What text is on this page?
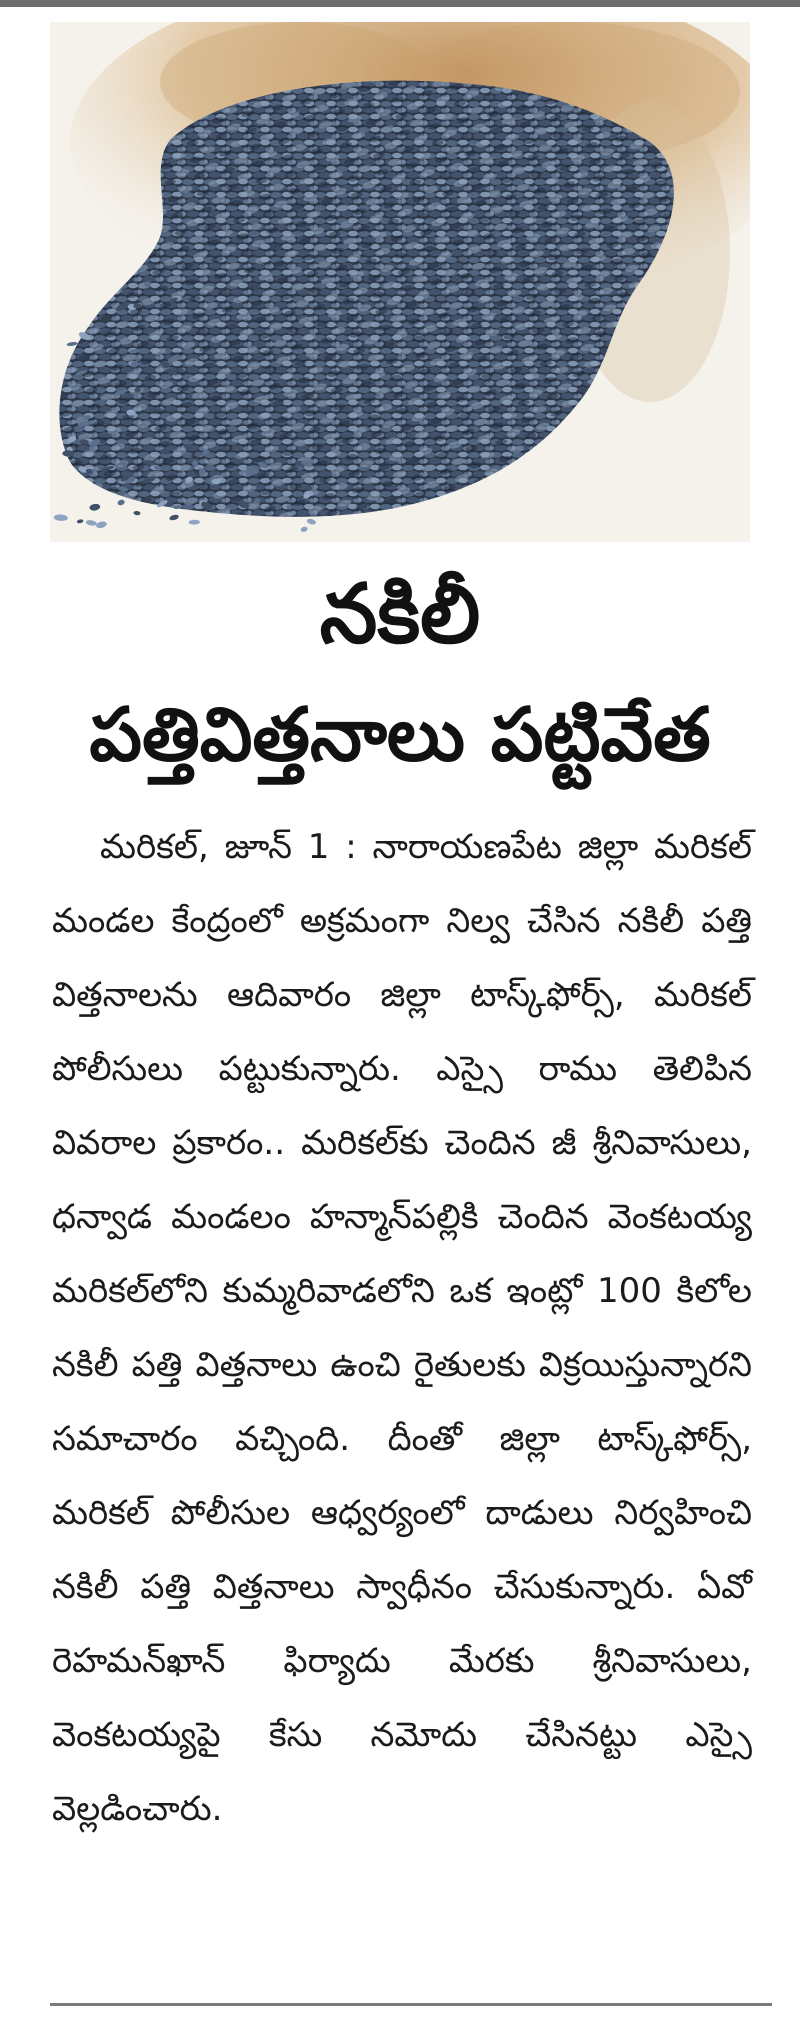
నకిలీ
పత్తివిత్తనాలు పట్టివేత

మరికల్, జూన్ 1 : నారాయణపేట జిల్లా మరికల్ మండల కేంద్రంలో అక్రమంగా నిల్వ చేసిన నకిలీ పత్తి విత్తనాలను ఆదివారం జిల్లా టాస్క్‌ఫోర్స్, మరికల్ పోలీసులు పట్టుకున్నారు. ఎస్సై రాము తెలిపిన వివరాల ప్రకారం.. మరికల్‌కు చెందిన జీ శ్రీనివాసులు, ధన్వాడ మండలం హన్మాన్‌పల్లికి చెందిన వెంకటయ్య మరికల్‌లోని కుమ్మరివాడలోని ఒక ఇంట్లో 100 కిలోల నకిలీ పత్తి విత్తనాలు ఉంచి రైతులకు విక్రయిస్తున్నారని సమాచారం వచ్చింది. దీంతో జిల్లా టాస్క్‌ఫోర్స్, మరికల్ పోలీసుల ఆధ్వర్యంలో దాడులు నిర్వహించి నకిలీ పత్తి విత్తనాలు స్వాధీనం చేసుకున్నారు. ఏవో రెహమన్‌ఖాన్ ఫిర్యాదు మేరకు శ్రీనివాసులు, వెంకటయ్యపై కేసు నమోదు చేసినట్టు ఎస్సై వెల్లడించారు.
